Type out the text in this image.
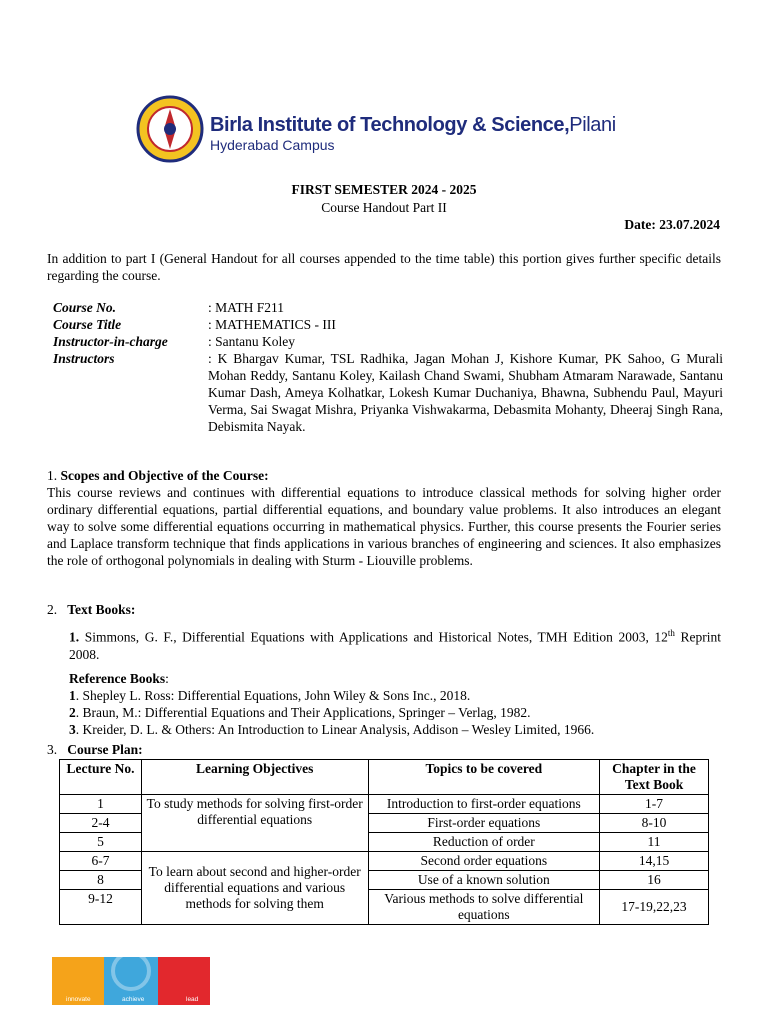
Birla Institute of Technology & Science,Pilani
Hyderabad Campus
FIRST SEMESTER 2024 - 2025
Course Handout Part II
Date: 23.07.2024
In addition to part I (General Handout for all courses appended to the time table) this portion gives further specific details regarding the course.
Course No.	: MATH F211
Course Title	: MATHEMATICS - III
Instructor-in-charge	: Santanu Koley
Instructors	: K Bhargav Kumar, TSL Radhika, Jagan Mohan J, Kishore Kumar, PK Sahoo, G Murali Mohan Reddy, Santanu Koley, Kailash Chand Swami, Shubham Atmaram Narawade, Santanu Kumar Dash, Ameya Kolhatkar, Lokesh Kumar Duchaniya, Bhawna, Subhendu Paul, Mayuri Verma, Sai Swagat Mishra, Priyanka Vishwakarma, Debasmita Mohanty, Dheeraj Singh Rana, Debismita Nayak.
1. Scopes and Objective of the Course:
This course reviews and continues with differential equations to introduce classical methods for solving higher order ordinary differential equations, partial differential equations, and boundary value problems. It also introduces an elegant way to solve some differential equations occurring in mathematical physics. Further, this course presents the Fourier series and Laplace transform technique that finds applications in various branches of engineering and sciences. It also emphasizes the role of orthogonal polynomials in dealing with Sturm - Liouville problems.
2. Text Books:
1. Simmons, G. F., Differential Equations with Applications and Historical Notes, TMH Edition 2003, 12th Reprint 2008.
Reference Books:
1. Shepley L. Ross: Differential Equations, John Wiley & Sons Inc., 2018.
2. Braun, M.: Differential Equations and Their Applications, Springer – Verlag, 1982.
3. Kreider, D. L. & Others: An Introduction to Linear Analysis, Addison – Wesley Limited, 1966.
3. Course Plan:
Lecture No.	Learning Objectives	Topics to be covered	Chapter in the Text Book
1	To study methods for solving first-order differential equations	Introduction to first-order equations	1-7
2-4		First-order equations	8-10
5		Reduction of order	11
6-7	To learn about second and higher-order differential equations and various methods for solving them	Second order equations	14,15
8		Use of a known solution	16
9-12		Various methods to solve differential equations	17-19,22,23
innovate	achieve	lead
